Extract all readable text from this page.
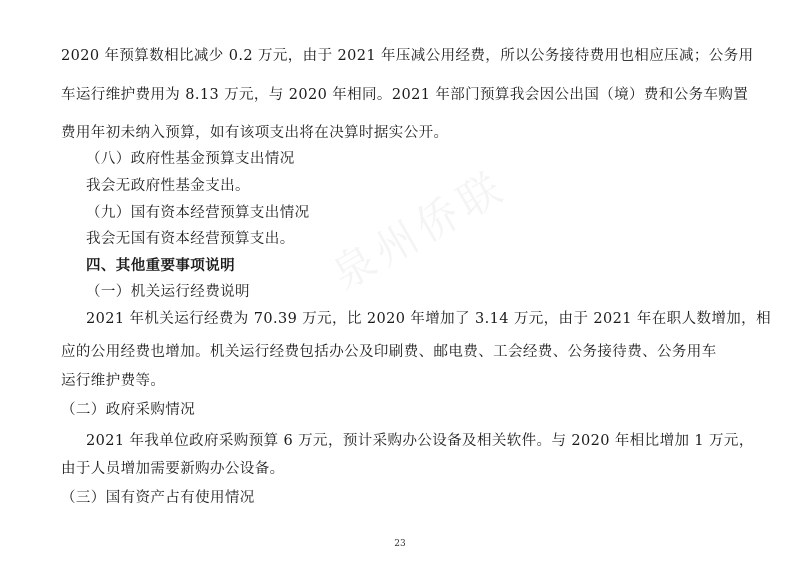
泉州侨联
2020 年预算数相比减少 0.2 万元，由于 2021 年压减公用经费，所以公务接待费用也相应压减；公务用
车运行维护费用为 8.13 万元，与 2020 年相同。2021 年部门预算我会因公出国（境）费和公务车购置
费用年初未纳入预算，如有该项支出将在决算时据实公开。
（八）政府性基金预算支出情况
我会无政府性基金支出。
（九）国有资本经营预算支出情况
我会无国有资本经营预算支出。
四、其他重要事项说明
（一）机关运行经费说明
2021 年机关运行经费为 70.39 万元，比 2020 年增加了 3.14 万元，由于 2021 年在职人数增加，相
应的公用经费也增加。机关运行经费包括办公及印刷费、邮电费、工会经费、公务接待费、公务用车
运行维护费等。
（二）政府采购情况
2021 年我单位政府采购预算 6 万元，预计采购办公设备及相关软件。与 2020 年相比增加 1 万元，
由于人员增加需要新购办公设备。
（三）国有资产占有使用情况
23
